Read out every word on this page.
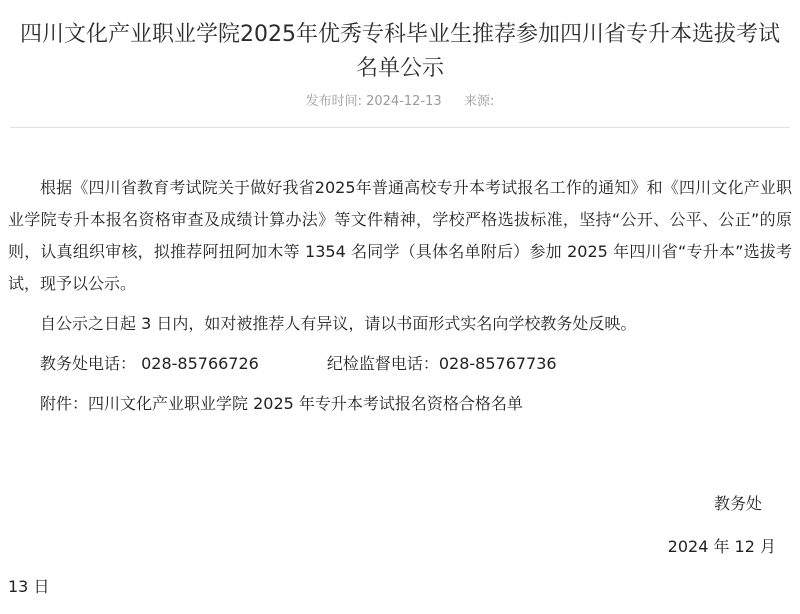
四川文化产业职业学院2025年优秀专科毕业生推荐参加四川省专升本选拔考试
名单公示
发布时间: 2024-12-13 来源:

根据《四川省教育考试院关于做好我省2025年普通高校专升本考试报名工作的通知》和《四川文化产业职业学院专升本报名资格审查及成绩计算办法》等文件精神，学校严格选拔标准，坚持“公开、公平、公正”的原则，认真组织审核，拟推荐阿扭阿加木等 1354 名同学（具体名单附后）参加 2025 年四川省“专升本”选拔考试，现予以公示。

自公示之日起 3 日内，如对被推荐人有异议，请以书面形式实名向学校教务处反映。

教务处电话： 028-85766726	纪检监督电话：028-85767736

附件：四川文化产业职业学院 2025 年专升本考试报名资格合格名单

教务处
2024 年 12 月
13 日
